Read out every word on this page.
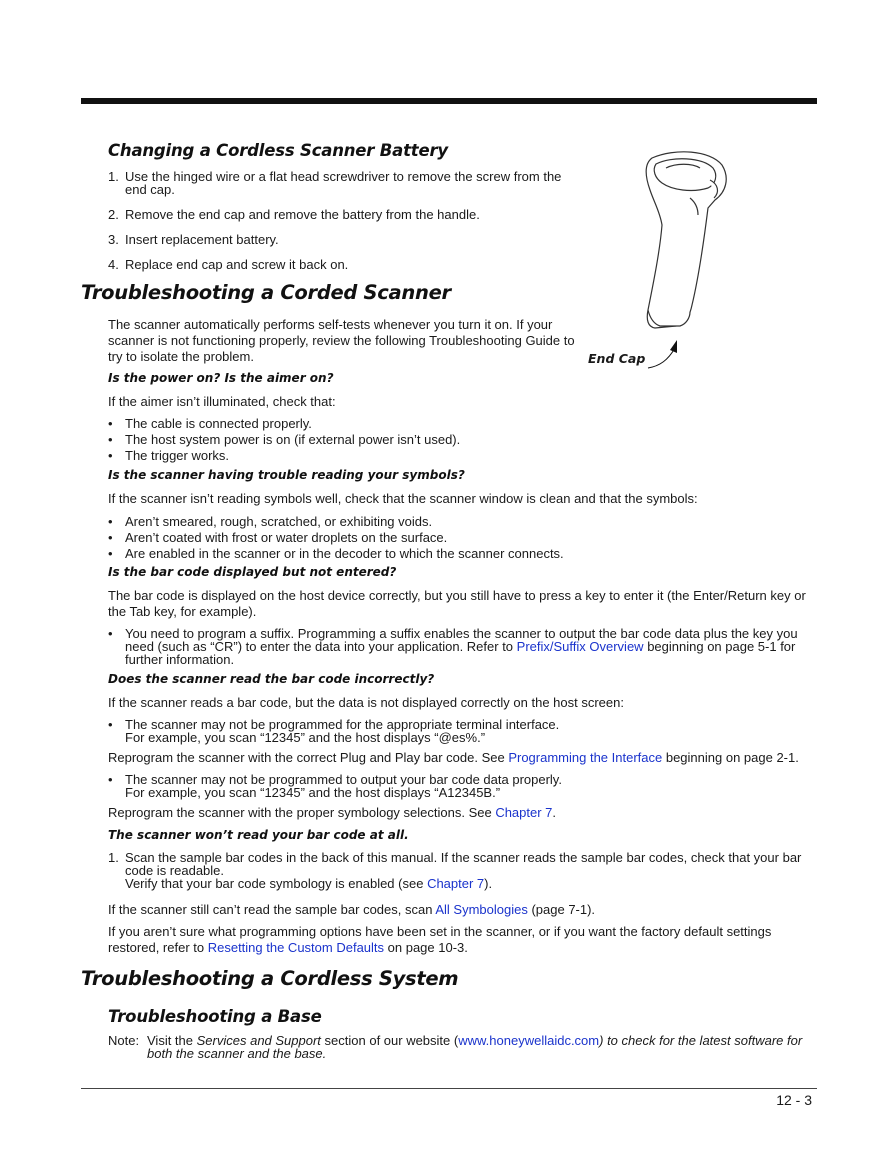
Changing a Cordless Scanner Battery
1. Use the hinged wire or a flat head screwdriver to remove the screw from the
end cap.
2. Remove the end cap and remove the battery from the handle.
3. Insert replacement battery.
4. Replace end cap and screw it back on.
End Cap
Troubleshooting a Corded Scanner
The scanner automatically performs self-tests whenever you turn it on. If your
scanner is not functioning properly, review the following Troubleshooting Guide to
try to isolate the problem.
Is the power on? Is the aimer on?
If the aimer isn’t illuminated, check that:
• The cable is connected properly.
• The host system power is on (if external power isn’t used).
• The trigger works.
Is the scanner having trouble reading your symbols?
If the scanner isn’t reading symbols well, check that the scanner window is clean and that the symbols:
• Aren’t smeared, rough, scratched, or exhibiting voids.
• Aren’t coated with frost or water droplets on the surface.
• Are enabled in the scanner or in the decoder to which the scanner connects.
Is the bar code displayed but not entered?
The bar code is displayed on the host device correctly, but you still have to press a key to enter it (the Enter/Return key or
the Tab key, for example).
• You need to program a suffix. Programming a suffix enables the scanner to output the bar code data plus the key you
need (such as “CR”) to enter the data into your application. Refer to Prefix/Suffix Overview beginning on page 5-1 for
further information.
Does the scanner read the bar code incorrectly?
If the scanner reads a bar code, but the data is not displayed correctly on the host screen:
• The scanner may not be programmed for the appropriate terminal interface.
For example, you scan “12345” and the host displays “@es%.”
Reprogram the scanner with the correct Plug and Play bar code. See Programming the Interface beginning on page 2-1.
• The scanner may not be programmed to output your bar code data properly.
For example, you scan “12345” and the host displays “A12345B.”
Reprogram the scanner with the proper symbology selections. See Chapter 7.
The scanner won’t read your bar code at all.
1. Scan the sample bar codes in the back of this manual. If the scanner reads the sample bar codes, check that your bar
code is readable.
Verify that your bar code symbology is enabled (see Chapter 7).
If the scanner still can’t read the sample bar codes, scan All Symbologies (page 7-1).
If you aren’t sure what programming options have been set in the scanner, or if you want the factory default settings
restored, refer to Resetting the Custom Defaults on page 10-3.
Troubleshooting a Cordless System
Troubleshooting a Base
Note: Visit the Services and Support section of our website (www.honeywellaidc.com) to check for the latest software for
both the scanner and the base.
12 - 3
